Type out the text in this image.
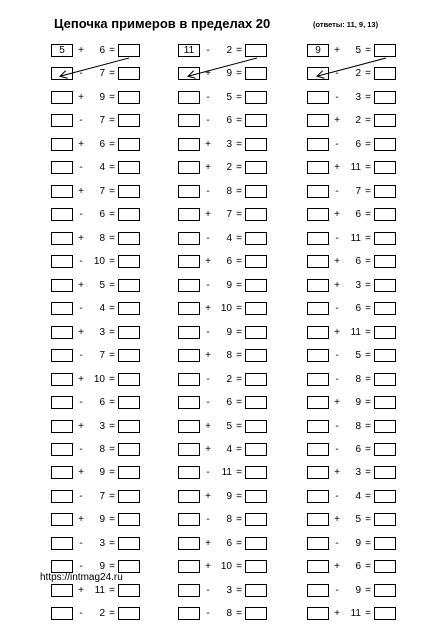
Цепочка примеров в пределах 20	(ответы: 11, 9, 13)
5	+	6 =
-	7 =
+	9 =
-	7 =
+	6 =
-	4 =
+	7 =
-	6 =
+	8 =
-	10 =
+	5 =
-	4 =
+	3 =
-	7 =
+ 10 =
-	6 =
+	3 =
-	8 =
+	9 =
-	7 =
+	9 =
-	3 =
-	9 =
+	11 =
-	2 =
11	-	2 =
+	9 =
-	5 =
-	6 =
+	3 =
+	2 =
-	8 =
+	7 =
-	4 =
+	6 =
-	9 =
+ 10 =
-	9 =
+	8 =
-	2 =
-	6 =
+	5 =
+	4 =
-	11 =
+	9 =
-	8 =
+	6 =
+ 10 =
-	3 =
-	8 =
9	+	5 =
-	2 =
-	3 =
+	2 =
-	6 =
+	11 =
-	7 =
+	6 =
-	11 =
+	6 =
+	3 =
-	6 =
+	11 =
-	5 =
-	8 =
+	9 =
-	8 =
-	6 =
+	3 =
-	4 =
+	5 =
-	9 =
+	6 =
-	9 =
+	11 =
https://intmag24.ru
